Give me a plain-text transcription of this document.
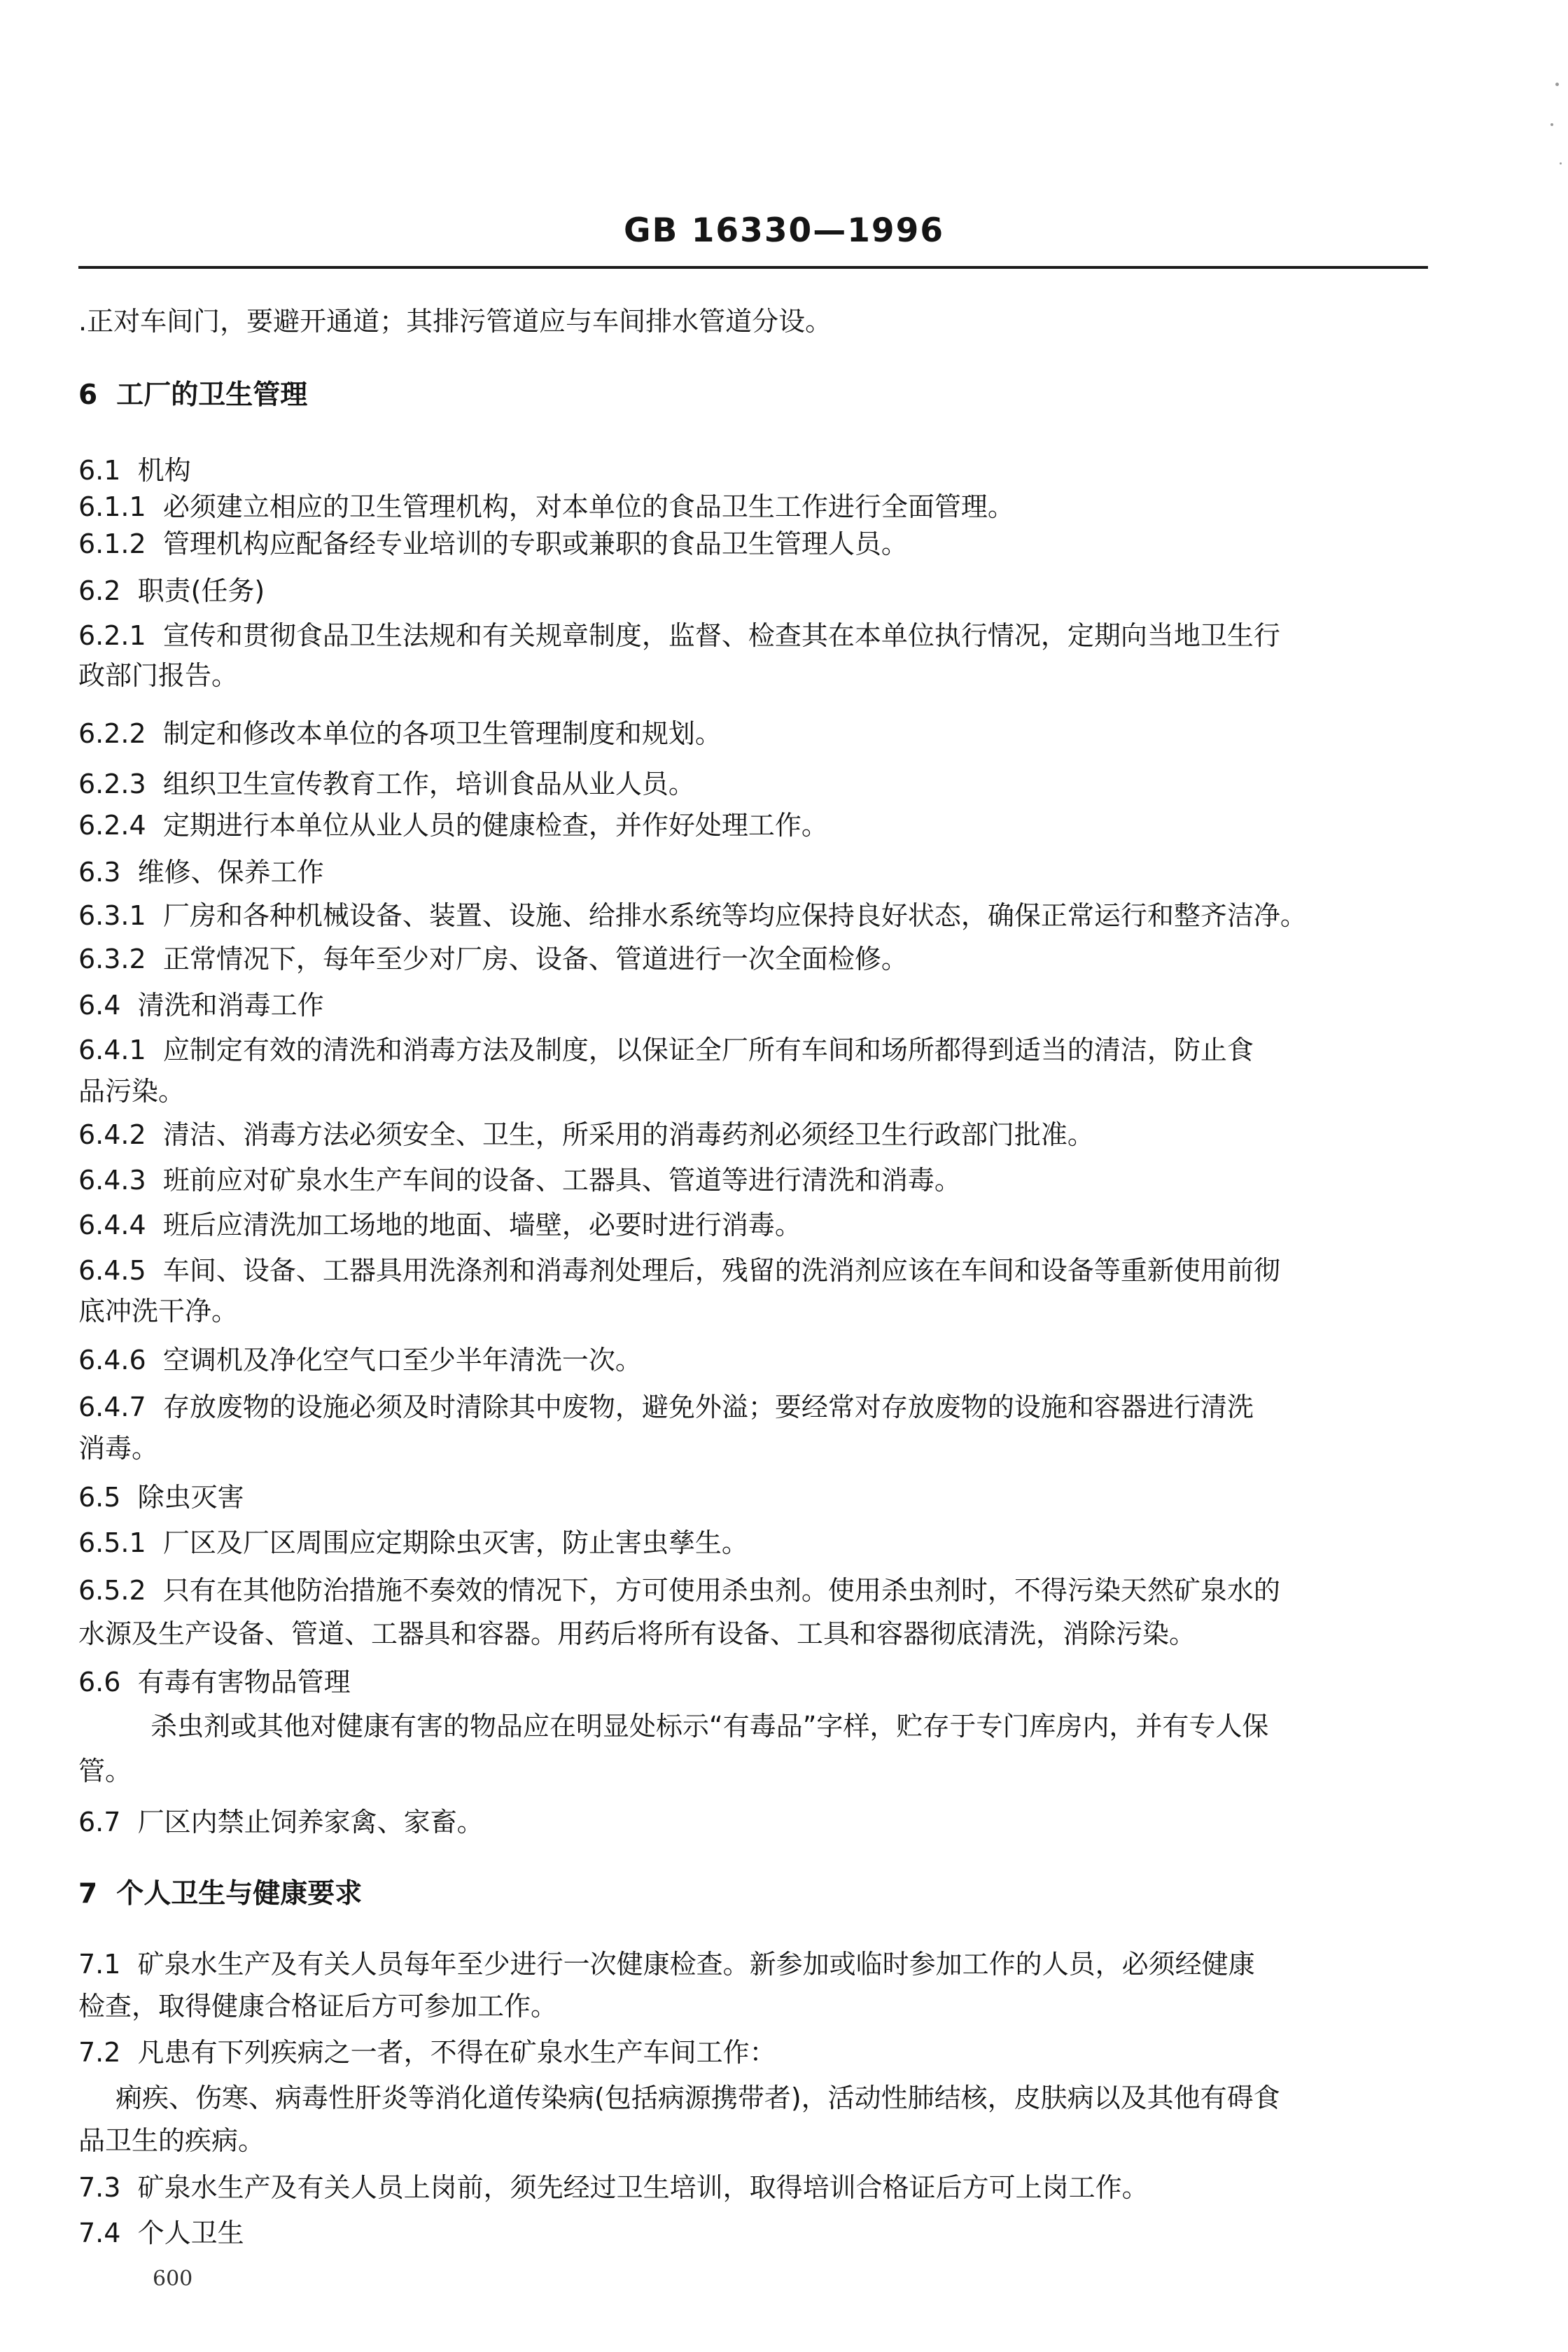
GB 16330—1996
.正对车间门，要避开通道；其排污管道应与车间排水管道分设。
6  工厂的卫生管理
6.1  机构
6.1.1  必须建立相应的卫生管理机构，对本单位的食品卫生工作进行全面管理。
6.1.2  管理机构应配备经专业培训的专职或兼职的食品卫生管理人员。
6.2  职责(任务)
6.2.1  宣传和贯彻食品卫生法规和有关规章制度，监督、检查其在本单位执行情况，定期向当地卫生行
政部门报告。
6.2.2  制定和修改本单位的各项卫生管理制度和规划。
6.2.3  组织卫生宣传教育工作，培训食品从业人员。
6.2.4  定期进行本单位从业人员的健康检查，并作好处理工作。
6.3  维修、保养工作
6.3.1  厂房和各种机械设备、装置、设施、给排水系统等均应保持良好状态，确保正常运行和整齐洁净。
6.3.2  正常情况下，每年至少对厂房、设备、管道进行一次全面检修。
6.4  清洗和消毒工作
6.4.1  应制定有效的清洗和消毒方法及制度，以保证全厂所有车间和场所都得到适当的清洁，防止食
品污染。
6.4.2  清洁、消毒方法必须安全、卫生，所采用的消毒药剂必须经卫生行政部门批准。
6.4.3  班前应对矿泉水生产车间的设备、工器具、管道等进行清洗和消毒。
6.4.4  班后应清洗加工场地的地面、墙壁，必要时进行消毒。
6.4.5  车间、设备、工器具用洗涤剂和消毒剂处理后，残留的洗消剂应该在车间和设备等重新使用前彻
底冲洗干净。
6.4.6  空调机及净化空气口至少半年清洗一次。
6.4.7  存放废物的设施必须及时清除其中废物，避免外溢；要经常对存放废物的设施和容器进行清洗
消毒。
6.5  除虫灭害
6.5.1  厂区及厂区周围应定期除虫灭害，防止害虫孳生。
6.5.2  只有在其他防治措施不奏效的情况下，方可使用杀虫剂。使用杀虫剂时，不得污染天然矿泉水的
水源及生产设备、管道、工器具和容器。用药后将所有设备、工具和容器彻底清洗，消除污染。
6.6  有毒有害物品管理
杀虫剂或其他对健康有害的物品应在明显处标示“有毒品”字样，贮存于专门库房内，并有专人保
管。
6.7  厂区内禁止饲养家禽、家畜。
7  个人卫生与健康要求
7.1  矿泉水生产及有关人员每年至少进行一次健康检查。新参加或临时参加工作的人员，必须经健康
检查，取得健康合格证后方可参加工作。
7.2  凡患有下列疾病之一者，不得在矿泉水生产车间工作：
痢疾、伤寒、病毒性肝炎等消化道传染病(包括病源携带者)，活动性肺结核，皮肤病以及其他有碍食
品卫生的疾病。
7.3  矿泉水生产及有关人员上岗前，须先经过卫生培训，取得培训合格证后方可上岗工作。
7.4  个人卫生
600
